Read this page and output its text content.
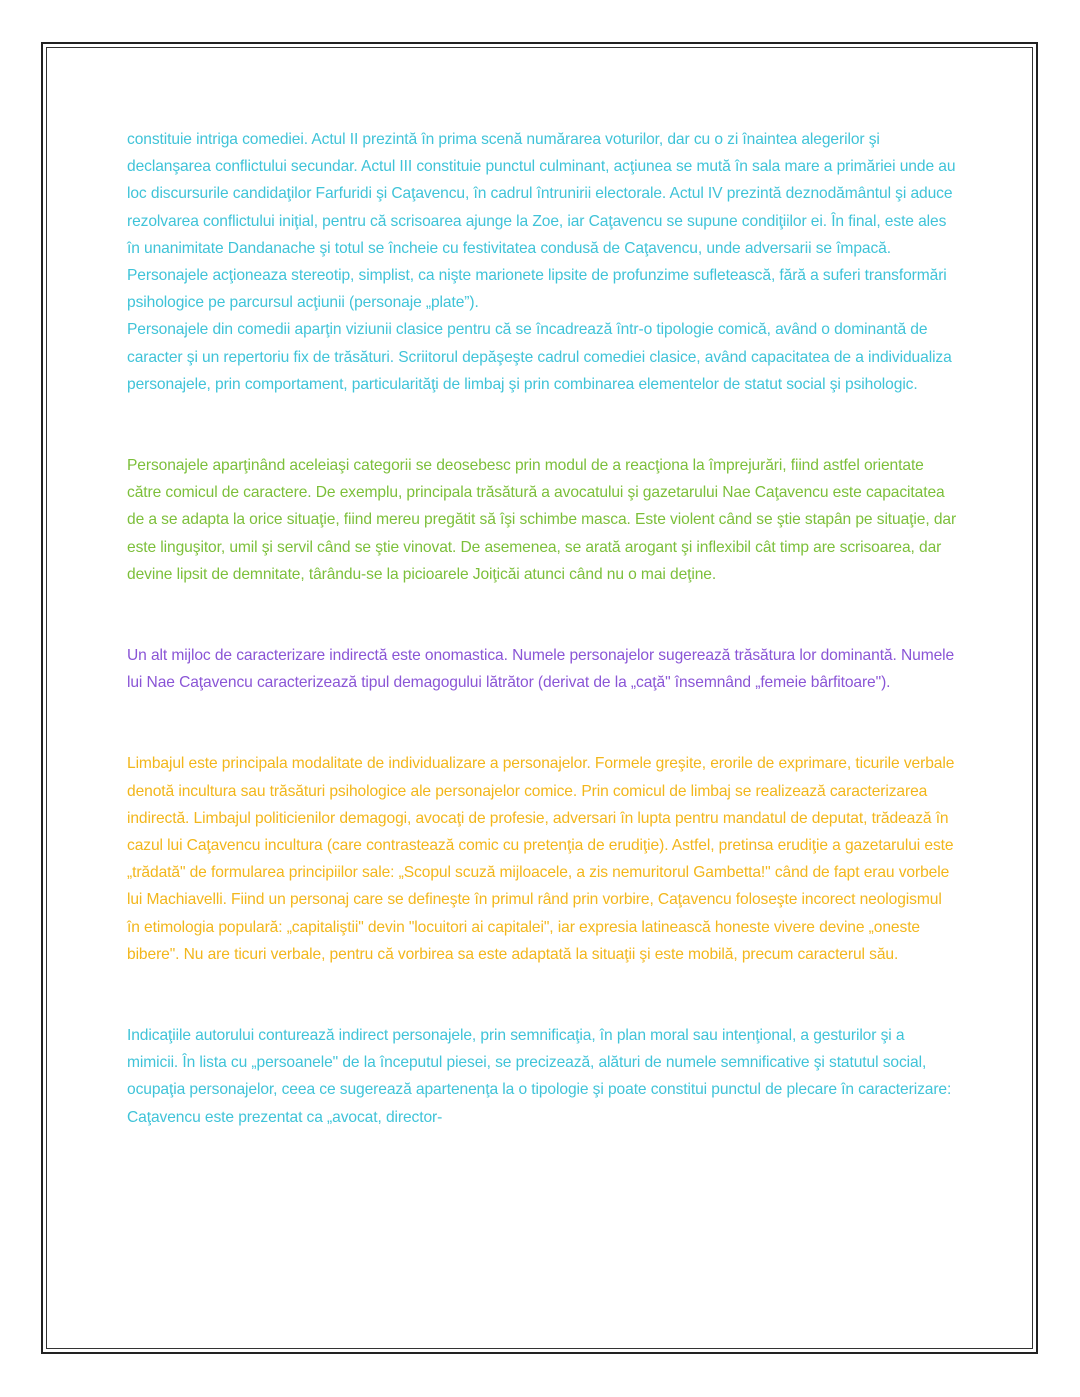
constituie intriga comediei. Actul II prezintă în prima scenă numărarea voturilor, dar cu o zi înaintea alegerilor şi declanşarea conflictului secundar. Actul III constituie punctul culminant, acţiunea se mută în sala mare a primăriei unde au loc discursurile candidaţilor Farfuridi şi Caţavencu, în cadrul întrunirii electorale. Actul IV prezintă deznodământul şi aduce rezolvarea conflictului iniţial, pentru că scrisoarea ajunge la Zoe, iar Caţavencu se supune condiţiilor ei. În final, este ales în unanimitate Dandanache şi totul se încheie cu festivitatea condusă de Caţavencu, unde adversarii se împacă. Personajele acţioneaza stereotip, simplist, ca nişte marionete lipsite de profunzime sufletească, fără a suferi transformări psihologice pe parcursul acţiunii (personaje „plate”).

Personajele din comedii aparţin viziunii clasice pentru că se încadrează într-o tipologie comică, având o dominantă de caracter şi un repertoriu fix de trăsături. Scriitorul depăşeşte cadrul comediei clasice, având capacitatea de a individualiza personajele, prin comportament, particularităţi de limbaj şi prin combinarea elementelor de statut social şi psihologic.

Personajele aparţinând aceleiaşi categorii se deosebesc prin modul de a reacţiona la împrejurări, fiind astfel orientate către comicul de caractere. De exemplu, principala trăsătură a avocatului şi gazetarului Nae Caţavencu este capacitatea de a se adapta la orice situaţie, fiind mereu pregătit să îşi schimbe masca. Este violent când se ştie stapân pe situaţie, dar este linguşitor, umil şi servil când se ştie vinovat. De asemenea, se arată arogant şi inflexibil cât timp are scrisoarea, dar devine lipsit de demnitate, târându-se la picioarele Joiţicăi atunci când nu o mai deţine.

Un alt mijloc de caracterizare indirectă este onomastica. Numele personajelor sugerează trăsătura lor dominantă. Numele lui Nae Caţavencu caracterizează tipul demagogului lătrător (derivat de la „caţă" însemnând „femeie bârfitoare").

Limbajul este principala modalitate de individualizare a personajelor. Formele greşite, erorile de exprimare, ticurile verbale denotă incultura sau trăsături psihologice ale personajelor comice. Prin comicul de limbaj se realizează caracterizarea indirectă. Limbajul politicienilor demagogi, avocaţi de profesie, adversari în lupta pentru mandatul de deputat, trădează în cazul lui Caţavencu incultura (care contrastează comic cu pretenţia de erudiţie). Astfel, pretinsa erudiţie a gazetarului este „trădată" de formularea principiilor sale: „Scopul scuză mijloacele, a zis nemuritorul Gambetta!" când de fapt erau vorbele lui Machiavelli. Fiind un personaj care se defineşte în primul rând prin vorbire, Caţavencu foloseşte incorect neologismul în etimologia populară: „capitaliştii" devin "locuitori ai capitalei", iar expresia latinească honeste vivere devine „oneste bibere". Nu are ticuri verbale, pentru că vorbirea sa este adaptată la situaţii şi este mobilă, precum caracterul său.

Indicaţiile autorului conturează indirect personajele, prin semnificaţia, în plan moral sau intenţional, a gesturilor şi a mimicii. În lista cu „persoanele" de la începutul piesei, se precizează, alături de numele semnificative şi statutul social, ocupaţia personajelor, ceea ce sugerează apartenenţa la o tipologie şi poate constitui punctul de plecare în caracterizare: Caţavencu este prezentat ca „avocat, director-
